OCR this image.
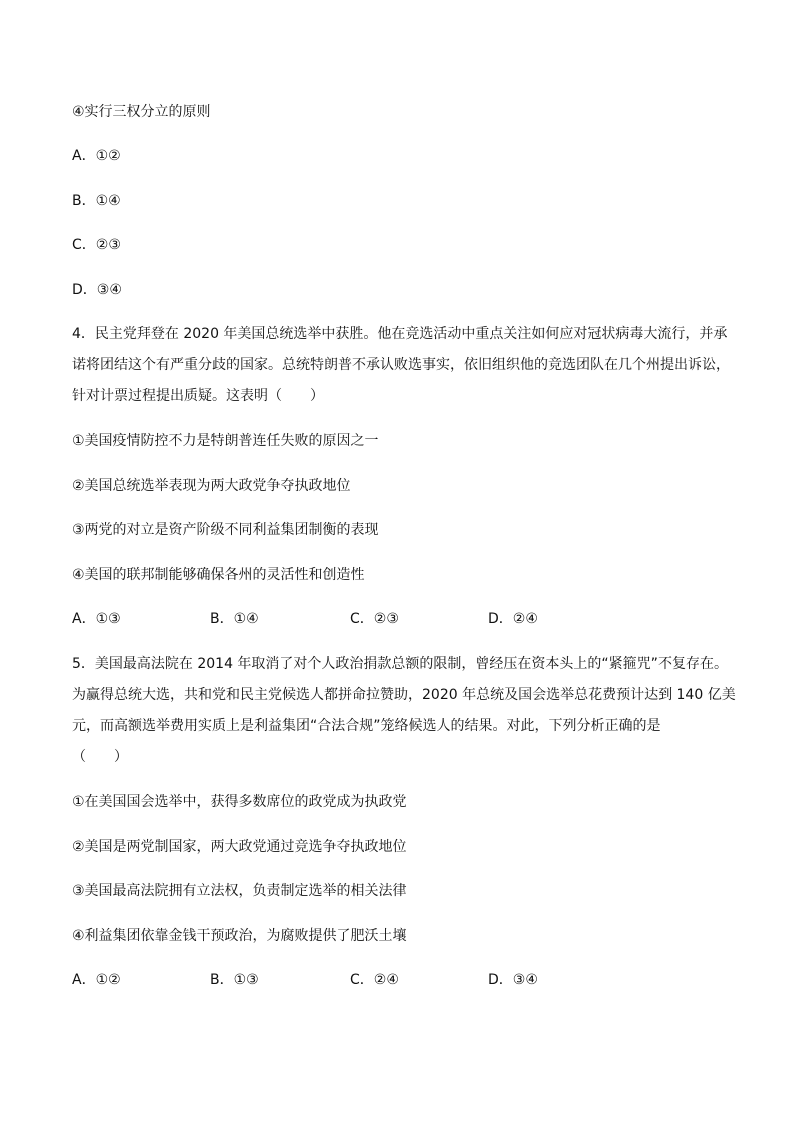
④实行三权分立的原则
A．①②
B．①④
C．②③
D．③④
4．民主党拜登在 2020 年美国总统选举中获胜。他在竞选活动中重点关注如何应对冠状病毒大流行，并承
诺将团结这个有严重分歧的国家。总统特朗普不承认败选事实，依旧组织他的竞选团队在几个州提出诉讼，
针对计票过程提出质疑。这表明（　　）
①美国疫情防控不力是特朗普连任失败的原因之一
②美国总统选举表现为两大政党争夺执政地位
③两党的对立是资产阶级不同利益集团制衡的表现
④美国的联邦制能够确保各州的灵活性和创造性
A．①③	B．①④	C．②③	D．②④
5．美国最高法院在 2014 年取消了对个人政治捐款总额的限制，曾经压在资本头上的“紧箍咒”不复存在。
为赢得总统大选，共和党和民主党候选人都拼命拉赞助，2020 年总统及国会选举总花费预计达到 140 亿美
元，而高额选举费用实质上是利益集团“合法合规”笼络候选人的结果。对此，下列分析正确的是
（　　）
①在美国国会选举中，获得多数席位的政党成为执政党
②美国是两党制国家，两大政党通过竞选争夺执政地位
③美国最高法院拥有立法权，负责制定选举的相关法律
④利益集团依靠金钱干预政治，为腐败提供了肥沃土壤
A．①②	B．①③	C．②④	D．③④
